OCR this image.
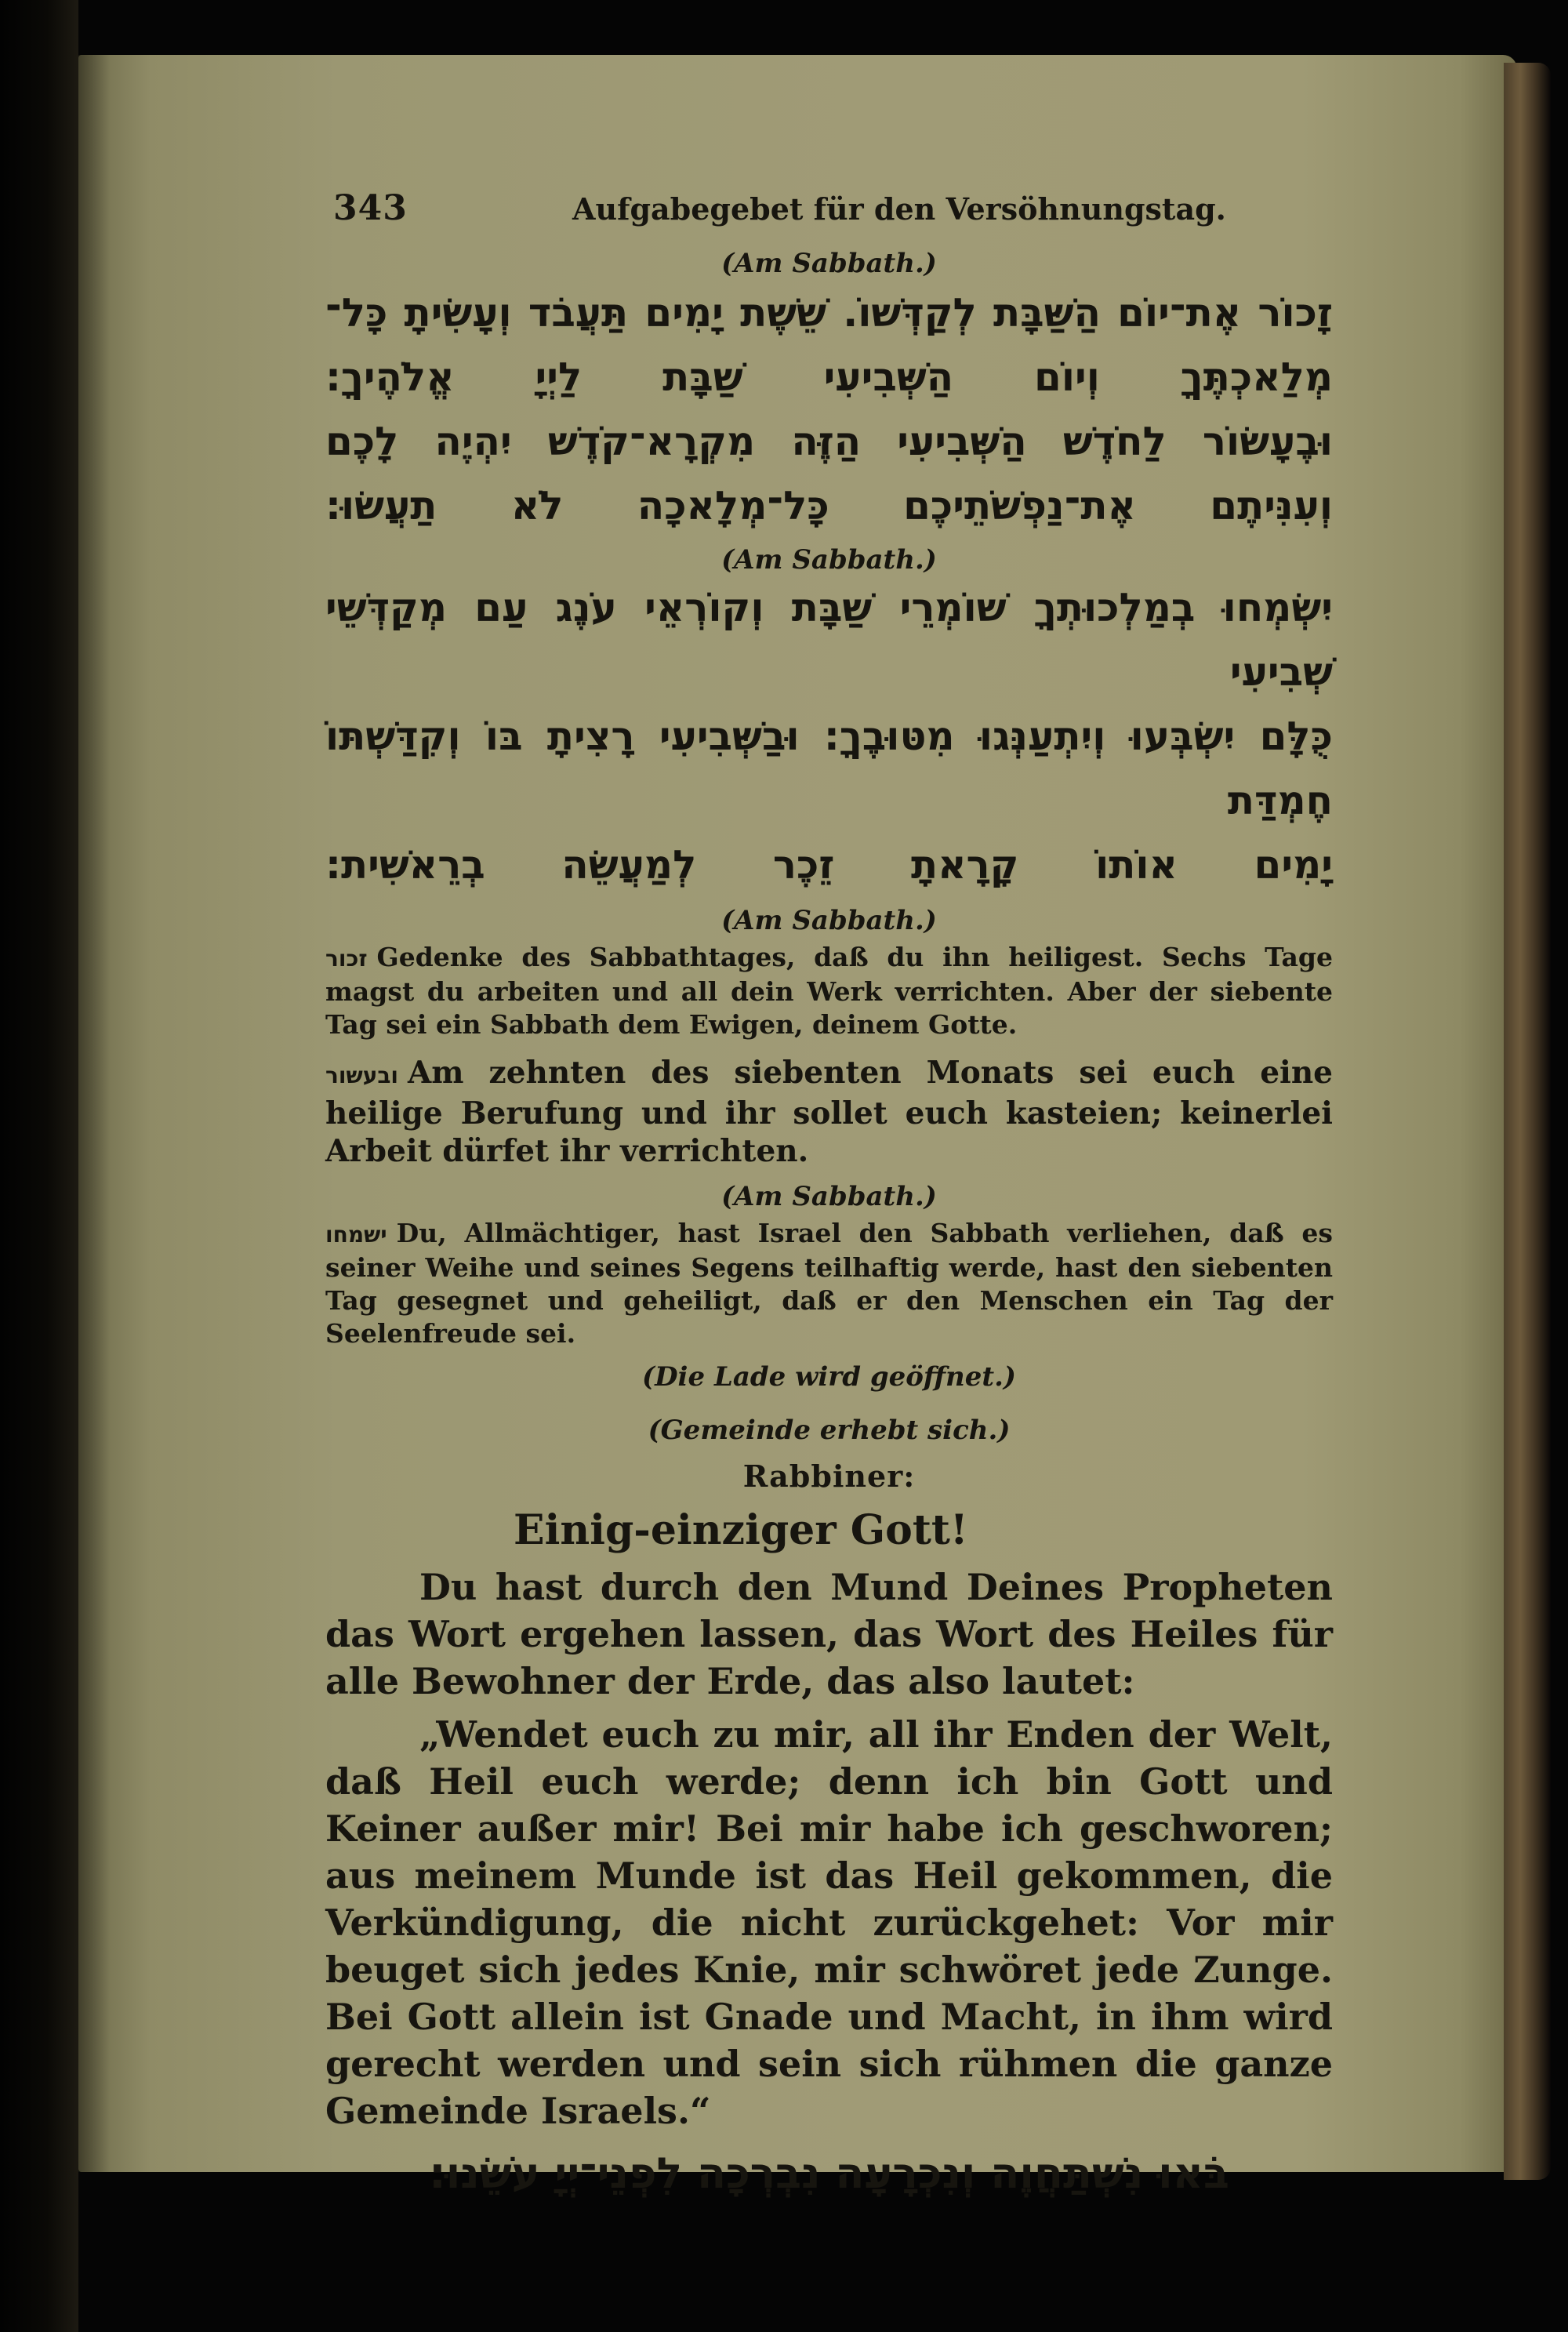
343	Aufgabegebet für den Versöhnungstag.
(Am Sabbath.)
זָכוֹר אֶת־יוֹם הַשַּׁבָּת לְקַדְּשׁוֹ. שֵׁשֶׁת יָמִים תַּעֲבֹד וְעָשִׂיתָ כָּל־
מְלַאכְתֶּךָ וְיוֹם הַשְּׁבִיעִי שַׁבָּת לַיְיָ אֱלֹהֶיךָ:
וּבֶעָשׂוֹר לַחֹדֶשׁ הַשְּׁבִיעִי הַזֶּה מִקְרָא־קֹדֶשׁ יִהְיֶה לָכֶם
וְעִנִּיתֶם אֶת־נַפְשֹׁתֵיכֶם כָּל־מְלָאכָה לֹא תַעֲשׂוּ:
(Am Sabbath.)
יִשְׂמְחוּ בְמַלְכוּתְךָ שׁוֹמְרֵי שַׁבָּת וְקוֹרְאֵי עֹנֶג עַם מְקַדְּשֵׁי שְׁבִיעִי
כֻּלָּם יִשְׂבְּעוּ וְיִתְעַנְּגוּ מִטּוּבֶךָ: וּבַשְּׁבִיעִי רָצִיתָ בּוֹ וְקִדַּשְׁתּוֹ חֶמְדַּת
יָמִים אוֹתוֹ קָרָאתָ זֵכֶר לְמַעֲשֵׂה בְרֵאשִׁית:
(Am Sabbath.)

זכור Gedenke des Sabbathtages, daß du ihn heiligest. Sechs Tage magst du arbeiten und all dein Werk verrichten. Aber der siebente Tag sei ein Sabbath dem Ewigen, deinem Gotte.

ובעשור Am zehnten des siebenten Monats sei euch eine heilige Berufung und ihr sollet euch kasteien; keinerlei Arbeit dürfet ihr verrichten.

(Am Sabbath.)

ישמחו Du, Allmächtiger, hast Israel den Sabbath verliehen, daß es seiner Weihe und seines Segens teilhaftig werde, hast den siebenten Tag gesegnet und geheiligt, daß er den Menschen ein Tag der Seelenfreude sei.

(Die Lade wird geöffnet.)
(Gemeinde erhebt sich.)
Rabbiner:
Einig-einziger Gott!

Du hast durch den Mund Deines Propheten das Wort ergehen lassen, das Wort des Heiles für alle Bewohner der Erde, das also lautet:

„Wendet euch zu mir, all ihr Enden der Welt, daß Heil euch werde; denn ich bin Gott und Keiner außer mir! Bei mir habe ich geschworen; aus meinem Munde ist das Heil gekommen, die Verkündigung, die nicht zurückgehet: Vor mir beuget sich jedes Knie, mir schwöret jede Zunge. Bei Gott allein ist Gnade und Macht, in ihm wird gerecht werden und sein sich rühmen die ganze Gemeinde Israels.“

בֹּאוּ נִשְׁתַּחֲוֶה וְנִכְרָעָה נִבְרְכָה לִפְנֵי־יְיָ עֹשֵׂנוּ:
